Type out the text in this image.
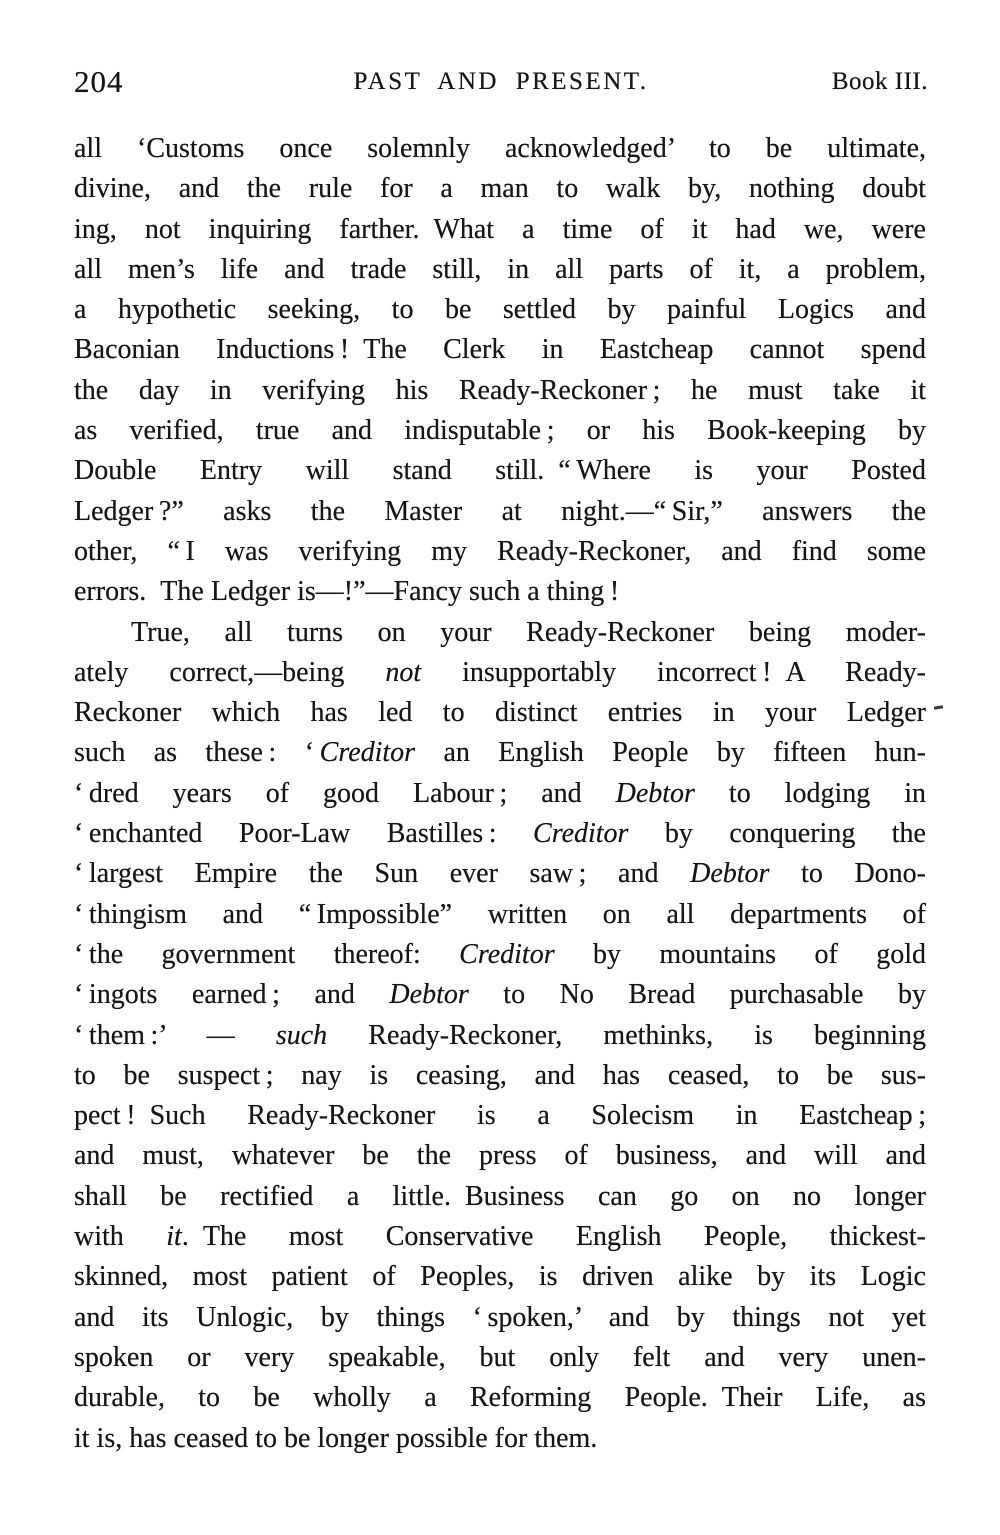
204	PAST AND PRESENT.	Book III.
all ‘Customs once solemnly acknowledged’ to be ultimate,
divine, and the rule for a man to walk by, nothing doubt
ing, not inquiring farther. What a time of it had we, were
all men’s life and trade still, in all parts of it, a problem,
a hypothetic seeking, to be settled by painful Logics and
Baconian Inductions ! The Clerk in Eastcheap cannot spend
the day in verifying his Ready-Reckoner ; he must take it
as verified, true and indisputable ; or his Book-keeping by
Double Entry will stand still. “ Where is your Posted
Ledger ?” asks the Master at night.—“ Sir,” answers the
other, “ I was verifying my Ready-Reckoner, and find some
errors. The Ledger is—!”—Fancy such a thing !
True, all turns on your Ready-Reckoner being moder-
ately correct,—being not insupportably incorrect ! A Ready-
Reckoner which has led to distinct entries in your Ledger
such as these : ‘ Creditor an English People by fifteen hun-
‘ dred years of good Labour ; and Debtor to lodging in
‘ enchanted Poor-Law Bastilles : Creditor by conquering the
‘ largest Empire the Sun ever saw ; and Debtor to Dono-
‘ thingism and “ Impossible” written on all departments of
‘ the government thereof: Creditor by mountains of gold
‘ ingots earned ; and Debtor to No Bread purchasable by
‘ them :’ — such Ready-Reckoner, methinks, is beginning
to be suspect ; nay is ceasing, and has ceased, to be sus-
pect ! Such Ready-Reckoner is a Solecism in Eastcheap ;
and must, whatever be the press of business, and will and
shall be rectified a little. Business can go on no longer
with it. The most Conservative English People, thickest-
skinned, most patient of Peoples, is driven alike by its Logic
and its Unlogic, by things ‘ spoken,’ and by things not yet
spoken or very speakable, but only felt and very unen-
durable, to be wholly a Reforming People. Their Life, as
it is, has ceased to be longer possible for them.
